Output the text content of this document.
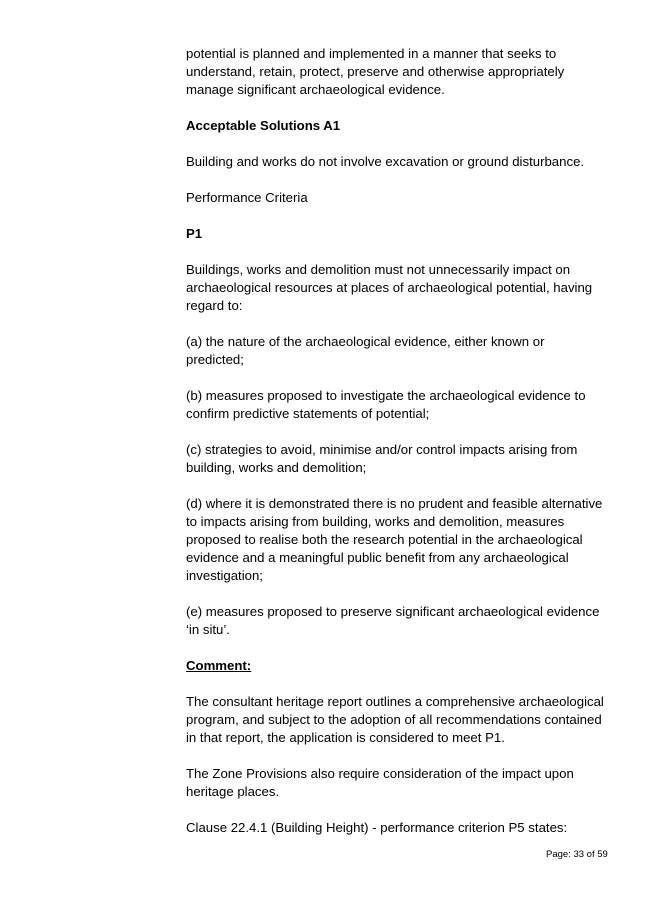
potential is planned and implemented in a manner that seeks to understand, retain, protect, preserve and otherwise appropriately manage significant archaeological evidence.

Acceptable Solutions A1

Building and works do not involve excavation or ground disturbance.

Performance Criteria

P1

Buildings, works and demolition must not unnecessarily impact on archaeological resources at places of archaeological potential, having regard to:

(a) the nature of the archaeological evidence, either known or predicted;

(b) measures proposed to investigate the archaeological evidence to confirm predictive statements of potential;

(c) strategies to avoid, minimise and/or control impacts arising from building, works and demolition;

(d) where it is demonstrated there is no prudent and feasible alternative to impacts arising from building, works and demolition, measures proposed to realise both the research potential in the archaeological evidence and a meaningful public benefit from any archaeological investigation;

(e) measures proposed to preserve significant archaeological evidence ‘in situ’.

Comment:

The consultant heritage report outlines a comprehensive archaeological program, and subject to the adoption of all recommendations contained in that report, the application is considered to meet P1.

The Zone Provisions also require consideration of the impact upon heritage places.

Clause 22.4.1 (Building Height) - performance criterion P5 states:

Page: 33 of 59
